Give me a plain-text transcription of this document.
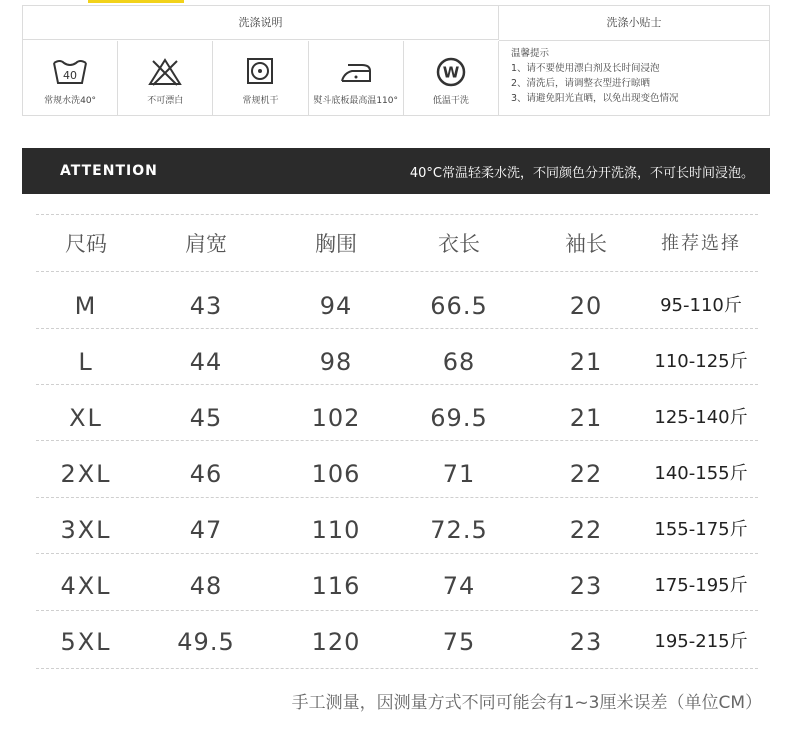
洗涤说明	洗涤小贴士
40
常规水洗40°	不可漂白	常规机干	熨斗底板最高温110°
W
低温干洗
温馨提示
1、请不要使用漂白剂及长时间浸泡
2、清洗后，请调整衣型进行晾晒
3、请避免阳光直晒，以免出现变色情况
ATTENTION	40°C常温轻柔水洗，不同颜色分开洗涤，不可长时间浸泡。
尺码	肩宽	胸围	衣长	袖长	推荐选择
M	43	94	66.5	20	95-110斤
L	44	98	68	21	110-125斤
XL	45	102	69.5	21	125-140斤
2XL	46	106	71	22	140-155斤
3XL	47	110	72.5	22	155-175斤
4XL	48	116	74	23	175-195斤
5XL	49.5	120	75	23	195-215斤
手工测量，因测量方式不同可能会有1~3厘米误差（单位CM）
